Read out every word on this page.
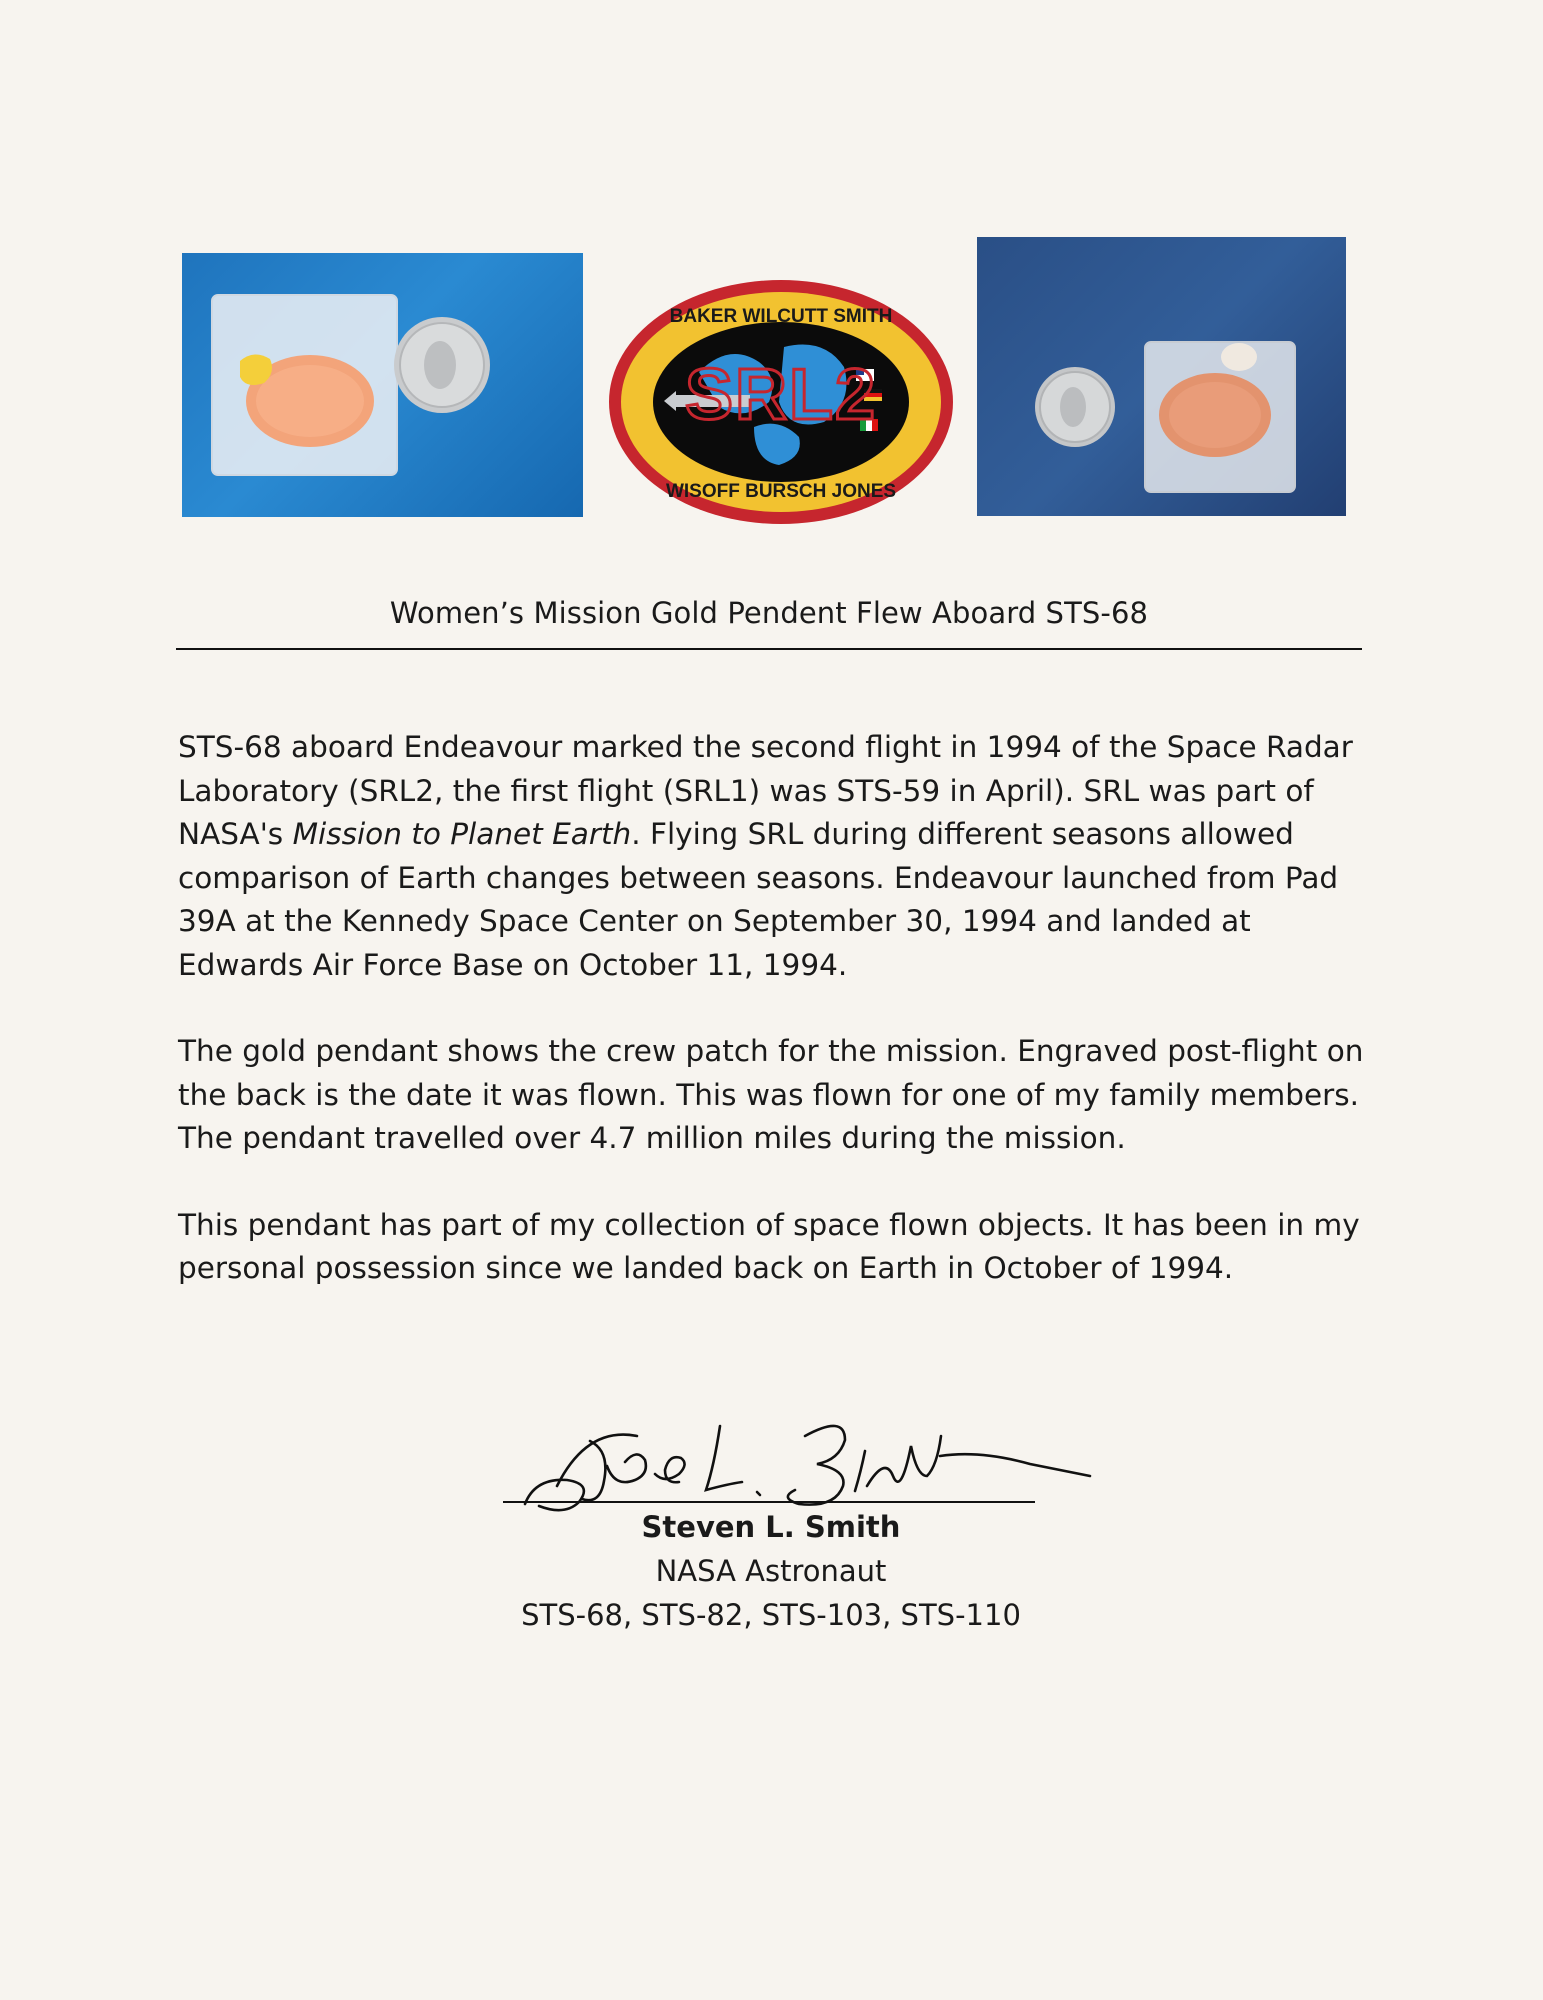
SRL2
BAKER WILCUTT SMITH
WISOFF BURSCH JONES
Women’s Mission Gold Pendent Flew Aboard STS-68

STS-68 aboard Endeavour marked the second flight in 1994 of the Space Radar Laboratory (SRL2, the first flight (SRL1) was STS-59 in April). SRL was part of NASA's Mission to Planet Earth. Flying SRL during different seasons allowed comparison of Earth changes between seasons. Endeavour launched from Pad 39A at the Kennedy Space Center on September 30, 1994 and landed at Edwards Air Force Base on October 11, 1994.

The gold pendant shows the crew patch for the mission. Engraved post-flight on the back is the date it was flown. This was flown for one of my family members. The pendant travelled over 4.7 million miles during the mission.

This pendant has part of my collection of space flown objects. It has been in my personal possession since we landed back on Earth in October of 1994.

Steven L. Smith
NASA Astronaut
STS-68, STS-82, STS-103, STS-110
